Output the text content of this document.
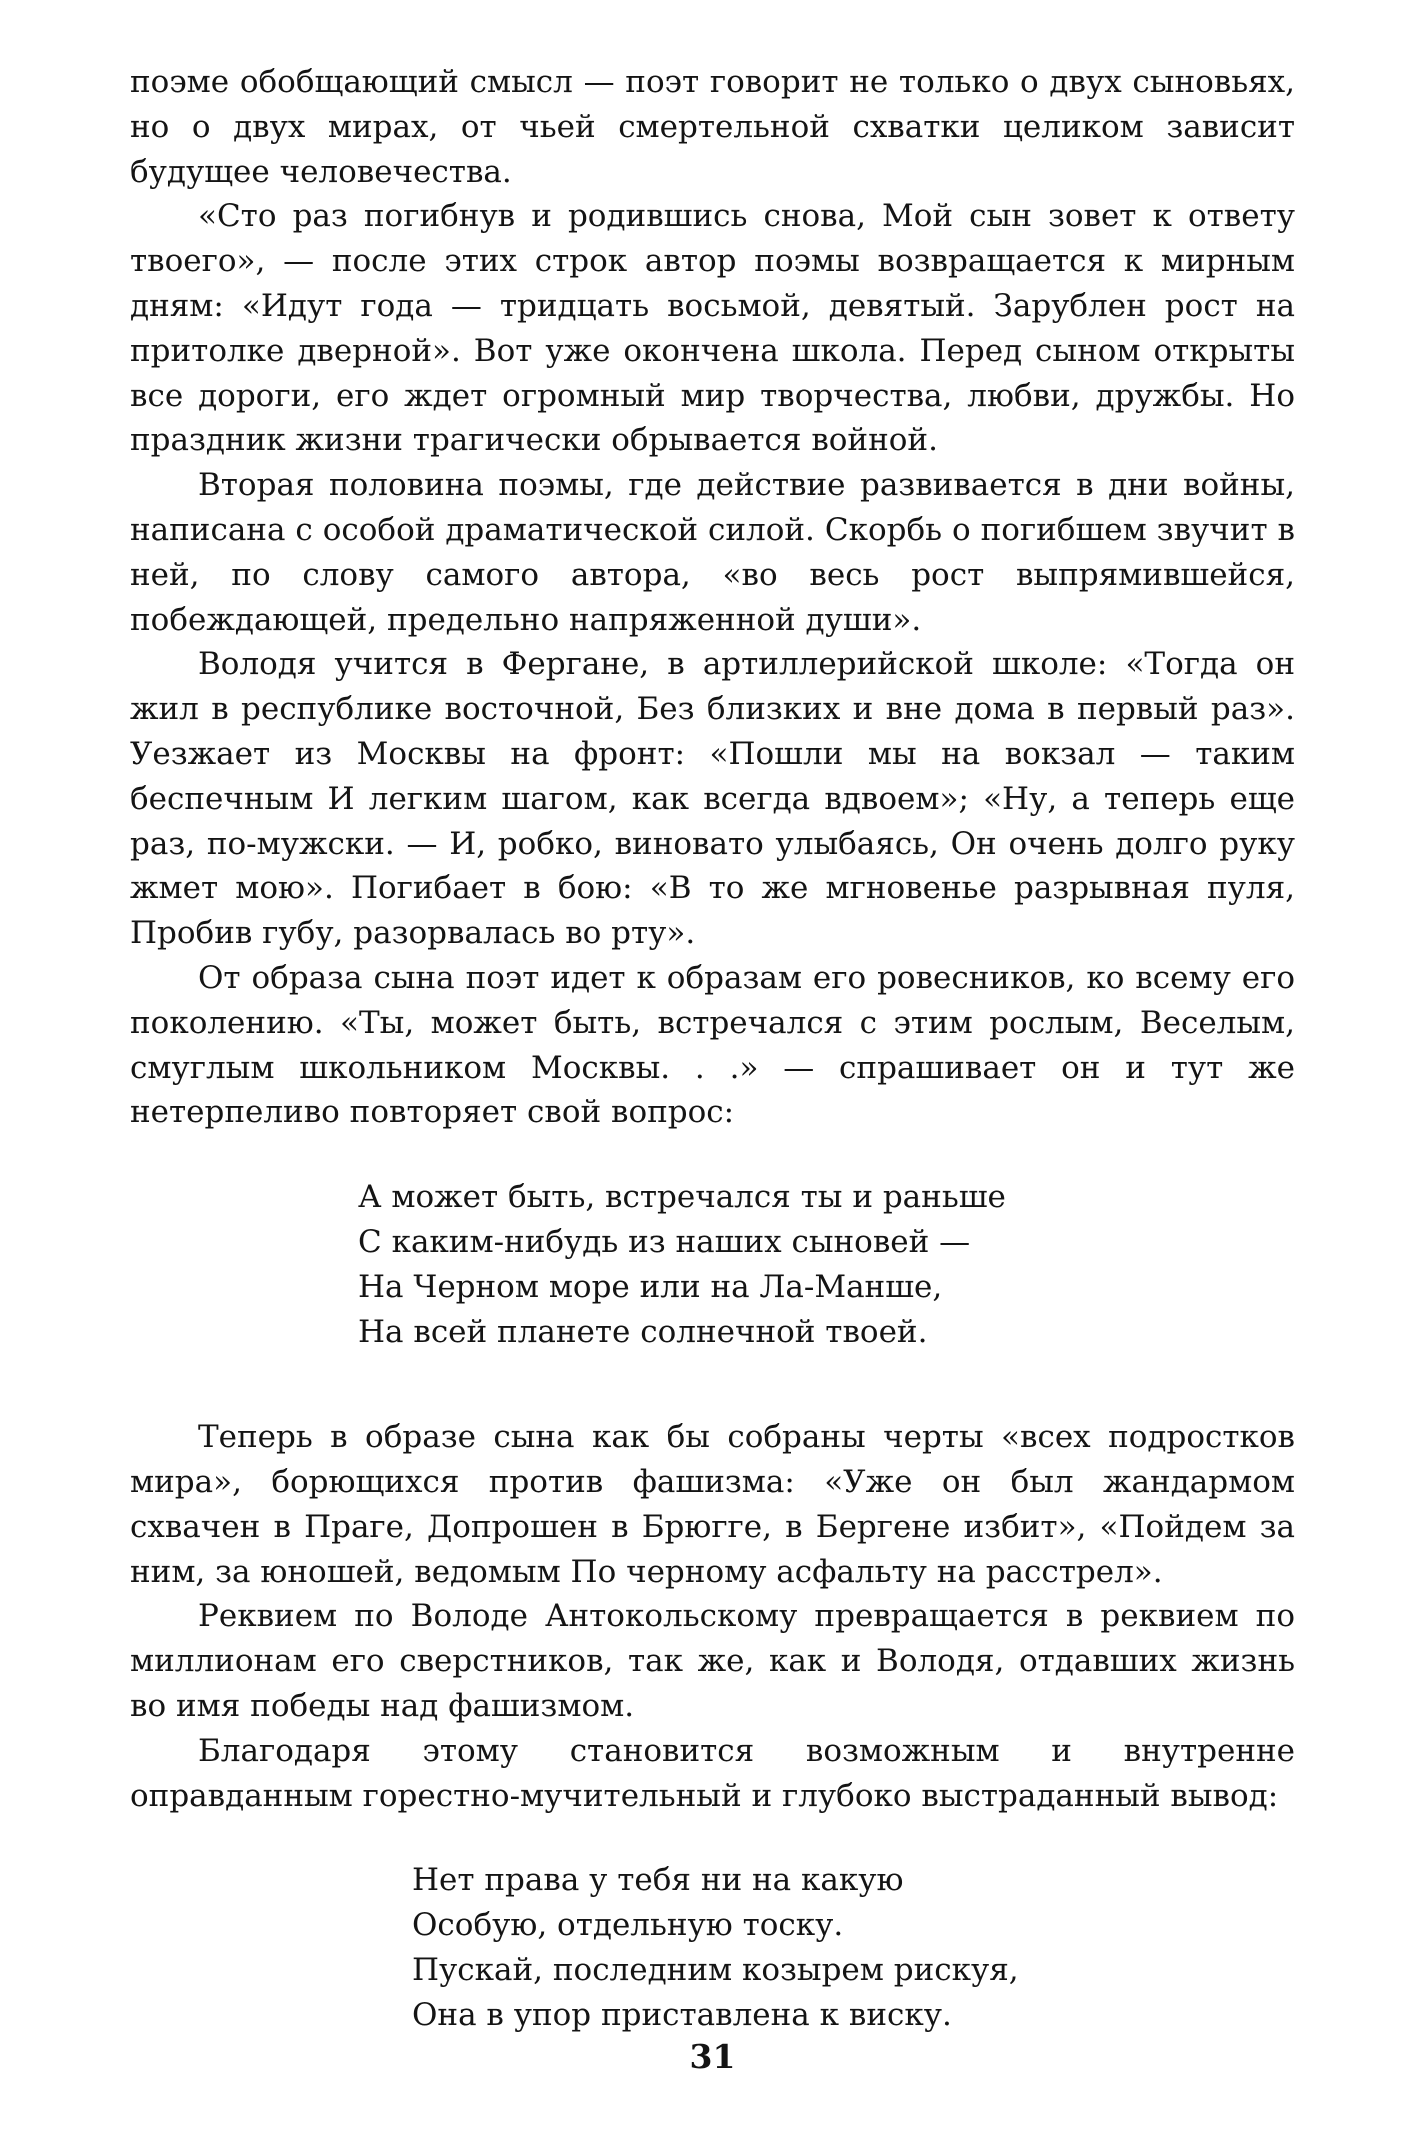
поэме обобщающий смысл — поэт говорит не только о двух сыновьях, но о двух мирах, от чьей смертельной схватки целиком зависит будущее человечества.

«Сто раз погибнув и родившись снова, Мой сын зовет к ответу твоего», — после этих строк автор поэмы возвращается к мирным дням: «Идут года — тридцать восьмой, девятый. Зарублен рост на притолке дверной». Вот уже окончена школа. Перед сыном открыты все дороги, его ждет огромный мир творчества, любви, дружбы. Но праздник жизни трагически обрывается войной.

Вторая половина поэмы, где действие развивается в дни войны, написана с особой драматической силой. Скорбь о погибшем звучит в ней, по слову самого автора, «во весь рост выпрямившейся, побеждающей, предельно напряженной души».

Володя учится в Фергане, в артиллерийской школе: «Тогда он жил в республике восточной, Без близких и вне дома в первый раз». Уезжает из Москвы на фронт: «Пошли мы на вокзал — таким беспечным И легким шагом, как всегда вдвоем»; «Ну, а теперь еще раз, по-мужски. — И, робко, виновато улыбаясь, Он очень долго руку жмет мою». Погибает в бою: «В то же мгновенье разрывная пуля, Пробив губу, разорвалась во рту».

От образа сына поэт идет к образам его ровесников, ко всему его поколению. «Ты, может быть, встречался с этим рослым, Веселым, смуглым школьником Москвы. . .» — спрашивает он и тут же нетерпеливо повторяет свой вопрос:

А может быть, встречался ты и раньше
С каким-нибудь из наших сыновей —
На Черном море или на Ла-Манше,
На всей планете солнечной твоей.

Теперь в образе сына как бы собраны черты «всех подростков мира», борющихся против фашизма: «Уже он был жандармом схвачен в Праге, Допрошен в Брюгге, в Бергене избит», «Пойдем за ним, за юношей, ведомым По черному асфальту на расстрел».

Реквием по Володе Антокольскому превращается в реквием по миллионам его сверстников, так же, как и Володя, отдавших жизнь во имя победы над фашизмом.

Благодаря этому становится возможным и внутренне оправданным горестно-мучительный и глубоко выстраданный вывод:

Нет права у тебя ни на какую
Особую, отдельную тоску.
Пускай, последним козырем рискуя,
Она в упор приставлена к виску.
31
